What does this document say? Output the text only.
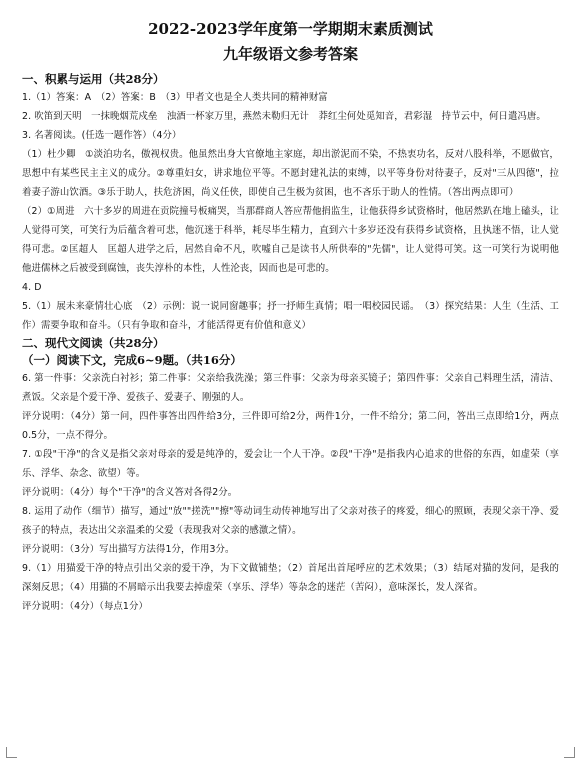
2022-2023学年度第一学期期末素质测试
九年级语文参考答案
一、积累与运用（共28分）

1.（1）答案：A　（2）答案：B　（3）甲者文也是全人类共同的精神财富

2. 吹笛到天明　一抹晚烟荒戍垒　浊酒一杯家万里，燕然未勒归无计　莽红尘何处觅知音，君彩湿　持节云中，何日遣冯唐。

3. 名著阅读。(任选一题作答）（4分）

（1）杜少卿　①淡泊功名，傲视权贵。他虽然出身大官僚地主家庭，却出淤泥而不染，不热衷功名，反对八股科举，不愿做官，思想中有某些民主主义的成分。②尊重妇女，讲求地位平等。不愿封建礼法的束缚，以平等身份对待妻子，反对"三从四德"，拉着妻子游山饮酒。③乐于助人，扶危济困，尚义任侠，即使自己生极为贫困，也不吝乐于助人的性情。（答出两点即可）

（2）①周进　六十多岁的周进在贡院撞号板痛哭，当那群商人答应帮他捐监生，让他获得乡试资格时，他居然趴在地上磕头，让人觉得可笑，可笑行为后蕴含着可悲，他沉迷于科举，耗尽毕生精力，直到六十多岁还没有获得乡试资格，且执迷不悟，让人觉得可悲。②匡超人　匡超人进学之后，居然自命不凡，吹嘘自己是读书人所供奉的"先儒"，让人觉得可笑。这一可笑行为说明他他进儒林之后被受到腐蚀，丧失淳朴的本性，人性沦丧，因而也是可悲的。

4. D

5.（1）展未来豪情壮心底　（2）示例：说一说同窗趣事；抒一抒师生真情；唱一唱校园民谣。　（3）探究结果：人生（生活、工作）需要争取和奋斗。（只有争取和奋斗，才能活得更有价值和意义）

二、现代文阅读（共28分）
（一）阅读下文，完成6~9题。（共16分）

6. 第一件事：父亲洗白衬衫；第二件事：父亲给我洗澡；第三件事：父亲为母亲买镜子；第四件事：父亲自己料理生活，清洁、煮饭。父亲是个爱干净、爱孩子、爱妻子、刚强的人。

评分说明：（4分）第一问，四件事答出四件给3分，三件即可给2分，两件1分，一件不给分；第二问，答出三点即给1分，两点0.5分，一点不得分。

7. ①段"干净"的含义是指父亲对母亲的爱是纯净的，爱会让一个人干净。②段"干净"是指我内心追求的世俗的东西，如虚荣（享乐、浮华、杂念、欲望）等。

评分说明：（4分）每个"干净"的含义答对各得2分。

8. 运用了动作（细节）描写，通过"放""搓洗""擦"等动词生动传神地写出了父亲对孩子的疼爱，细心的照顾，表现父亲干净、爱孩子的特点，表达出父亲温柔的父爱（表现我对父亲的感激之情）。

评分说明：（3分）写出描写方法得1分，作用3分。

9.（1）用猫爱干净的特点引出父亲的爱干净，为下文做铺垫；（2）首尾出首尾呼应的艺术效果；（3）结尾对猫的发问，是我的深刻反思；（4）用猫的不屑暗示出我要去掉虚荣（享乐、浮华）等杂念的迷茫（苦闷），意味深长，发人深省。

评分说明：（4分）（每点1分）
